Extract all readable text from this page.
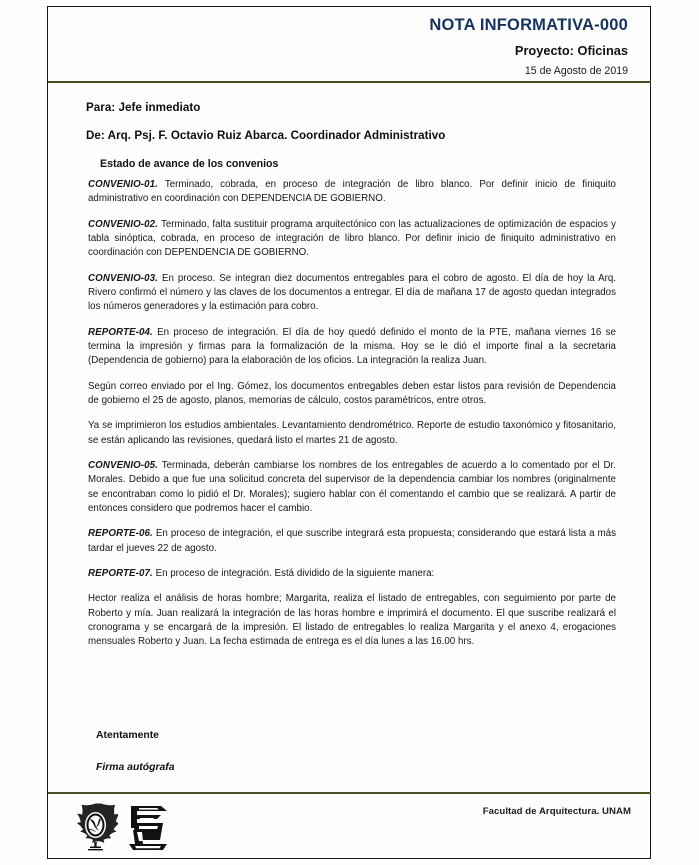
NOTA INFORMATIVA-000
Proyecto: Oficinas
15 de Agosto de 2019

Para: Jefe inmediato

De: Arq. Psj. F. Octavio Ruiz Abarca. Coordinador Administrativo

Estado de avance de los convenios

CONVENIO-01. Terminado, cobrada, en proceso de integración de libro blanco. Por definir inicio de finiquito administrativo en coordinación con DEPENDENCIA DE GOBIERNO.

CONVENIO-02. Terminado, falta sustituir programa arquitectónico con las actualizaciones de optimización de espacios y tabla sinóptica, cobrada, en proceso de integración de libro blanco. Por definir inicio de finiquito administrativo en coordinación con DEPENDENCIA DE GOBIERNO.

CONVENIO-03. En proceso. Se integran diez documentos entregables para el cobro de agosto. El día de hoy la Arq. Rivero confirmó el número y las claves de los documentos a entregar. El día de mañana 17 de agosto quedan integrados los números generadores y la estimación para cobro.

REPORTE-04. En proceso de integración. El día de hoy quedó definido el monto de la PTE, mañana viernes 16 se termina la impresión y firmas para la formalización de la misma. Hoy se le dió el importe final a la secretaria (Dependencia de gobierno) para la elaboración de los oficios. La integración la realiza Juan.

Según correo enviado por el Ing. Gómez, los documentos entregables deben estar listos para revisión de Dependencia de gobierno el 25 de agosto, planos, memorias de cálculo, costos paramétricos, entre otros.

Ya se imprimieron los estudios ambientales. Levantamiento dendrométrico. Reporte de estudio taxonómico y fitosanitario, se están aplicando las revisiones, quedará listo el martes 21 de agosto.

CONVENIO-05. Terminada, deberán cambiarse los nombres de los entregables de acuerdo a lo comentado por el Dr. Morales. Debido a que fue una solicitud concreta del supervisor de la dependencia cambiar los nombres (originalmente se encontraban como lo pidió el Dr. Morales); sugiero hablar con él comentando el cambio que se realizará. A partir de entonces considero que podremos hacer el cambio.

REPORTE-06. En proceso de integración, el que suscribe integrará esta propuesta; considerando que estará lista a más tardar el jueves 22 de agosto.

REPORTE-07. En proceso de integración. Está dividido de la siguiente manera:

Hector realiza el análisis de horas hombre; Margarita, realiza el listado de entregables, con seguimiento por parte de Roberto y mía. Juan realizará la integración de las horas hombre e imprimirá el documento. El que suscribe realizará el cronograma y se encargará de la impresión. El listado de entregables lo realiza Margarita y el anexo 4, erogaciones mensuales Roberto y Juan. La fecha estimada de entrega es el día lunes a las 16.00 hrs.

Atentamente

Firma autógrafa

Facultad de Arquitectura. UNAM
